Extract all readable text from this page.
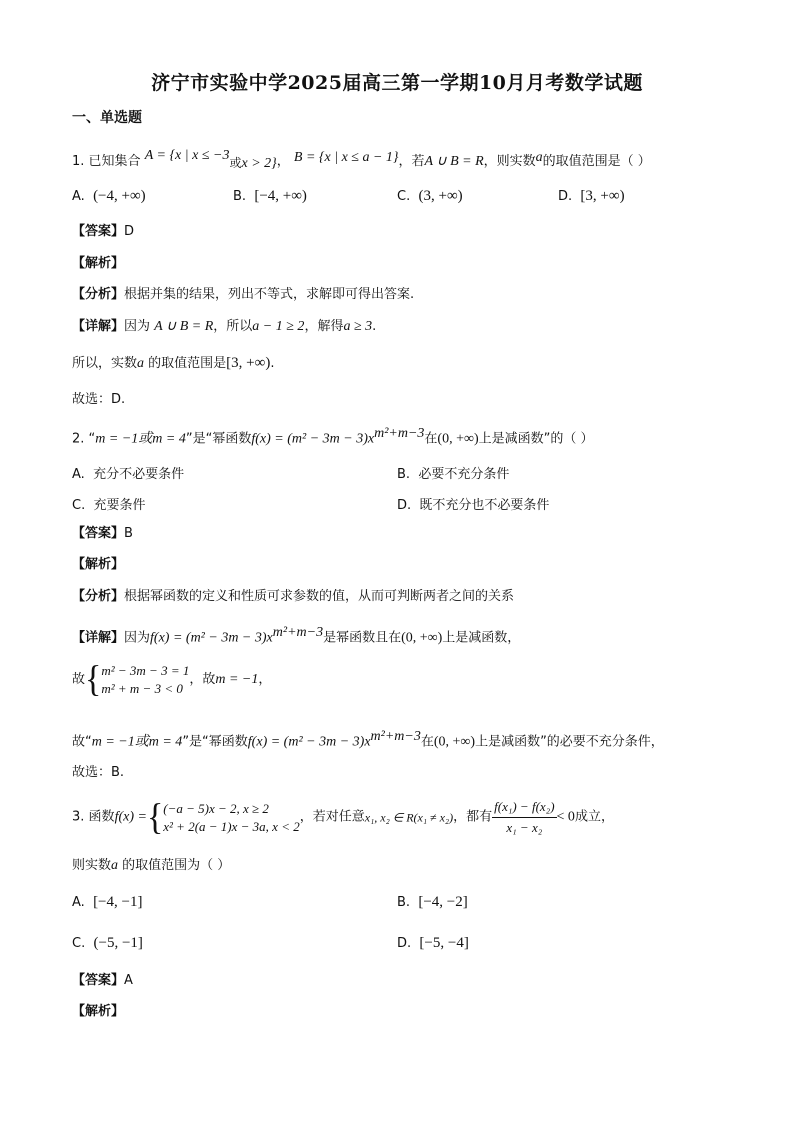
济宁市实验中学2025届高三第一学期10月月考数学试题
一、单选题
1. 已知集合 A = {x | x ≤ −3或x > 2}， B = {x | x ≤ a − 1}，若A ∪ B = R，则实数a的取值范围是（ ）
A. (−4, +∞)	B. [−4, +∞)	C. (3, +∞)	D. [3, +∞)
【答案】D
【解析】
【分析】根据并集的结果，列出不等式，求解即可得出答案.
【详解】因为 A ∪ B = R，所以a − 1 ≥ 2，解得a ≥ 3.
所以，实数a 的取值范围是[3, +∞).
故选：D.
2. “m = −1或m = 4”是“幂函数$f(x) = (m^2 - 3m - 3)x^{m^2+m-3}$在(0, +∞)上是减函数”的（ ）
A. 充分不必要条件	B. 必要不充分条件
C. 充要条件	D. 既不充分也不必要条件
【答案】B
【解析】
【分析】根据幂函数的定义和性质可求参数的值，从而可判断两者之间的关系
【详解】因为$f(x) = (m^2 - 3m - 3)x^{m^2+m-3}$是幂函数且在(0, +∞)上是减函数，
故{ m² − 3m − 3 = 1
m² + m − 3 < 0
，故m = −1，
故“m = −1或m = 4”是“幂函数$f(x) = (m^2 - 3m - 3)x^{m^2+m-3}$在(0, +∞)上是减函数”的必要不充分条件，
故选：B.
3. 函数f(x) ={ (−a − 5)x − 2, x ≥ 2
x² + 2(a − 1)x − 3a, x < 2
，若对任意x₁, x₂ ∈ R(x₁ ≠ x₂)，都有 $\frac{\text{f(x₁) − f(x₂)}}{\text{x₁ − x₂}} < 0$成立，
则实数a 的取值范围为（ ）
A. [−4, −1]	B. [−4, −2]
C. (−5, −1]	D. [−5, −4]
【答案】A
【解析】
